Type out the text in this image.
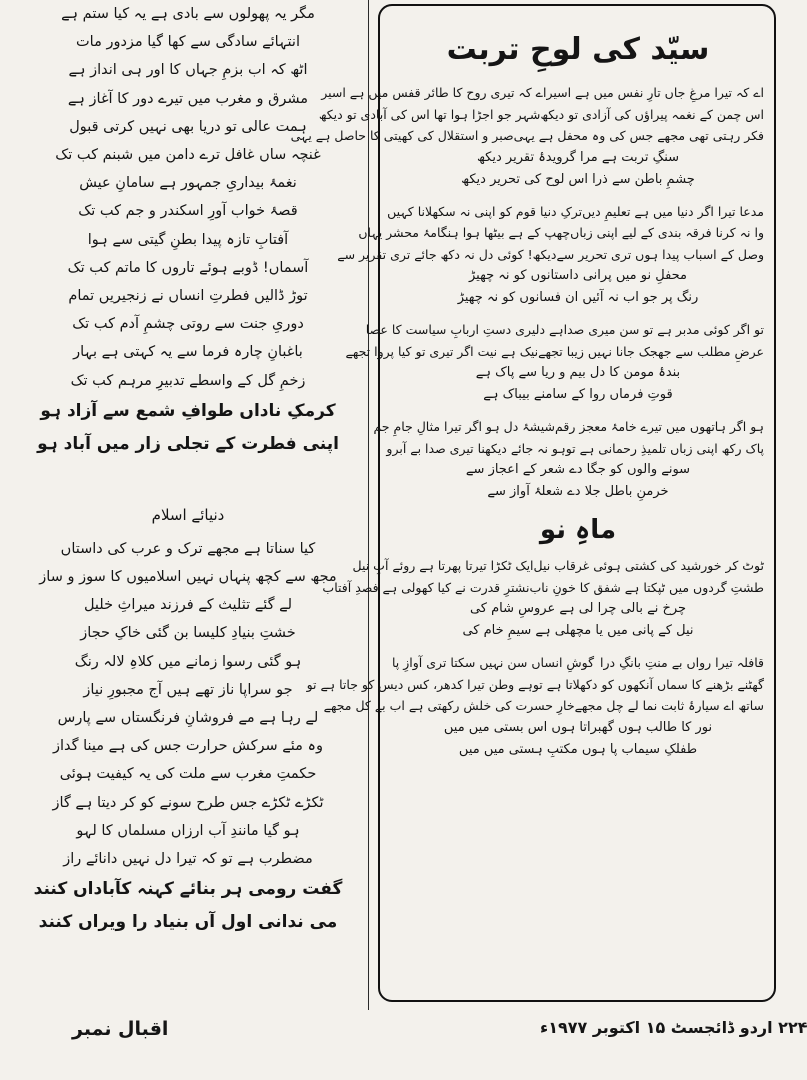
مگر یہ پھولوں سے بادی ہے یہ کیا ستم ہے
انتہائے سادگی سے کھا گیا مزدور مات
اٹھ کہ اب بزمِ جہاں کا اور ہی انداز ہے
مشرق و مغرب میں تیرے دور کا آغاز ہے
ہمت عالی تو دریا بھی نہیں کرتی قبول
غنچہ ساں غافل ترے دامن میں شبنم کب تک
نغمۂ بیداریِ جمہور ہے سامانِ عیش
قصۂ خواب آورِ اسکندر و جم کب تک
آفتابِ تازہ پیدا بطنِ گیتی سے ہوا
آسماں! ڈوبے ہوئے تاروں کا ماتم کب تک
توڑ ڈالیں فطرتِ انساں نے زنجیریں تمام
دوریِ جنت سے روتی چشمِ آدم کب تک
باغبانِ چارہ فرما سے یہ کہتی ہے بہار
زخمِ گل کے واسطے تدبیرِ مرہم کب تک
کرمکِ ناداں طوافِ شمع سے آزاد ہو
اپنی فطرت کے تجلی زار میں آباد ہو
دنیائے اسلام
کیا سناتا ہے مجھے ترک و عرب کی داستاں
مجھ سے کچھ پنہاں نہیں اسلامیوں کا سوز و ساز
لے گئے تثلیث کے فرزند میراثِ خلیل
خشتِ بنیادِ کلیسا بن گئی خاکِ حجاز
ہو گئی رسوا زمانے میں کلاہِ لالہ رنگ
جو سراپا ناز تھے ہیں آج مجبورِ نیاز
لے رہا ہے مے فروشانِ فرنگستاں سے پارس
وہ مئے سرکش حرارت جس کی ہے مینا گداز
حکمتِ مغرب سے ملت کی یہ کیفیت ہوئی
ٹکڑے ٹکڑے جس طرح سونے کو کر دیتا ہے گاز
ہو گیا مانندِ آب ارزاں مسلماں کا لہو
مضطرب ہے تو کہ تیرا دل نہیں دانائے راز
گفت رومی ہر بنائے کہنہ کآباداں کنند
می ندانی اول آں بنیاد را ویراں کنند
سیّد کی لوحِ تربت
اے کہ تیرا مرغِ جاں تارِ نفس میں ہے اسیر
اے کہ تیری روح کا طائر قفس میں ہے اسیر
اس چمن کے نغمہ پیراؤں کی آزادی تو دیکھ
شہر جو اجڑا ہوا تھا اس کی آبادی تو دیکھ
فکر رہتی تھی مجھے جس کی وہ محفل ہے یہی
صبر و استقلال کی کھیتی کا حاصل ہے یہی
سنگِ تربت ہے مرا گرویدۂ تقریر دیکھ
چشمِ باطن سے ذرا اس لوح کی تحریر دیکھ
مدعا تیرا اگر دنیا میں ہے تعلیمِ دیں
ترکِ دنیا قوم کو اپنی نہ سکھلانا کہیں
وا نہ کرنا فرقہ بندی کے لیے اپنی زباں
چھپ کے ہے بیٹھا ہوا ہنگامۂ محشر یہاں
وصل کے اسباب پیدا ہوں تری تحریر سے
دیکھ! کوئی دل نہ دکھ جائے تری تقریر سے
محفلِ نو میں پرانی داستانوں کو نہ چھیڑ
رنگ پر جو اب نہ آئیں ان فسانوں کو نہ چھیڑ
تو اگر کوئی مدبر ہے تو سن میری صدا
ہے دلیری دستِ اربابِ سیاست کا عصا
عرضِ مطلب سے جھجک جانا نہیں زیبا تجھے
نیک ہے نیت اگر تیری تو کیا پروا تجھے
بندۂ مومن کا دل بیم و ریا سے پاک ہے
قوتِ فرماں روا کے سامنے بیباک ہے
ہو اگر ہاتھوں میں تیرے خامۂ معجز رقم
شیشۂ دل ہو اگر تیرا مثالِ جامِ جم
پاک رکھ اپنی زباں تلمیذِ رحمانی ہے تو
ہو نہ جائے دیکھنا تیری صدا بے آبرو
سونے والوں کو جگا دے شعر کے اعجاز سے
خرمنِ باطل جلا دے شعلۂ آواز سے
ماہِ نو
ٹوٹ کر خورشید کی کشتی ہوئی غرقاب نیل
ایک ٹکڑا تیرتا پھرتا ہے روئے آبِ نیل
طشتِ گردوں میں ٹپکتا ہے شفق کا خونِ ناب
نشترِ قدرت نے کیا کھولی ہے فصدِ آفتاب
چرخ نے بالی چرا لی ہے عروسِ شام کی
نیل کے پانی میں یا مچھلی ہے سیمِ خام کی
قافلہ تیرا رواں بے منتِ بانگِ درا
گوشِ انساں سن نہیں سکتا تری آوازِ پا
گھٹنے بڑھنے کا سماں آنکھوں کو دکھلاتا ہے تو
ہے وطن تیرا کدھر، کس دیس کو جاتا ہے تو
ساتھ اے سیارۂ ثابت نما لے چل مجھے
خارِ حسرت کی خلش رکھتی ہے اب بے کل مجھے
نور کا طالب ہوں گھبراتا ہوں اس بستی میں میں
طفلکِ سیماب پا ہوں مکتبِ ہستی میں میں
اقبال نمبر	۲۲۴ اردو ڈائجسٹ ۱۵ اکتوبر ۱۹۷۷ء
